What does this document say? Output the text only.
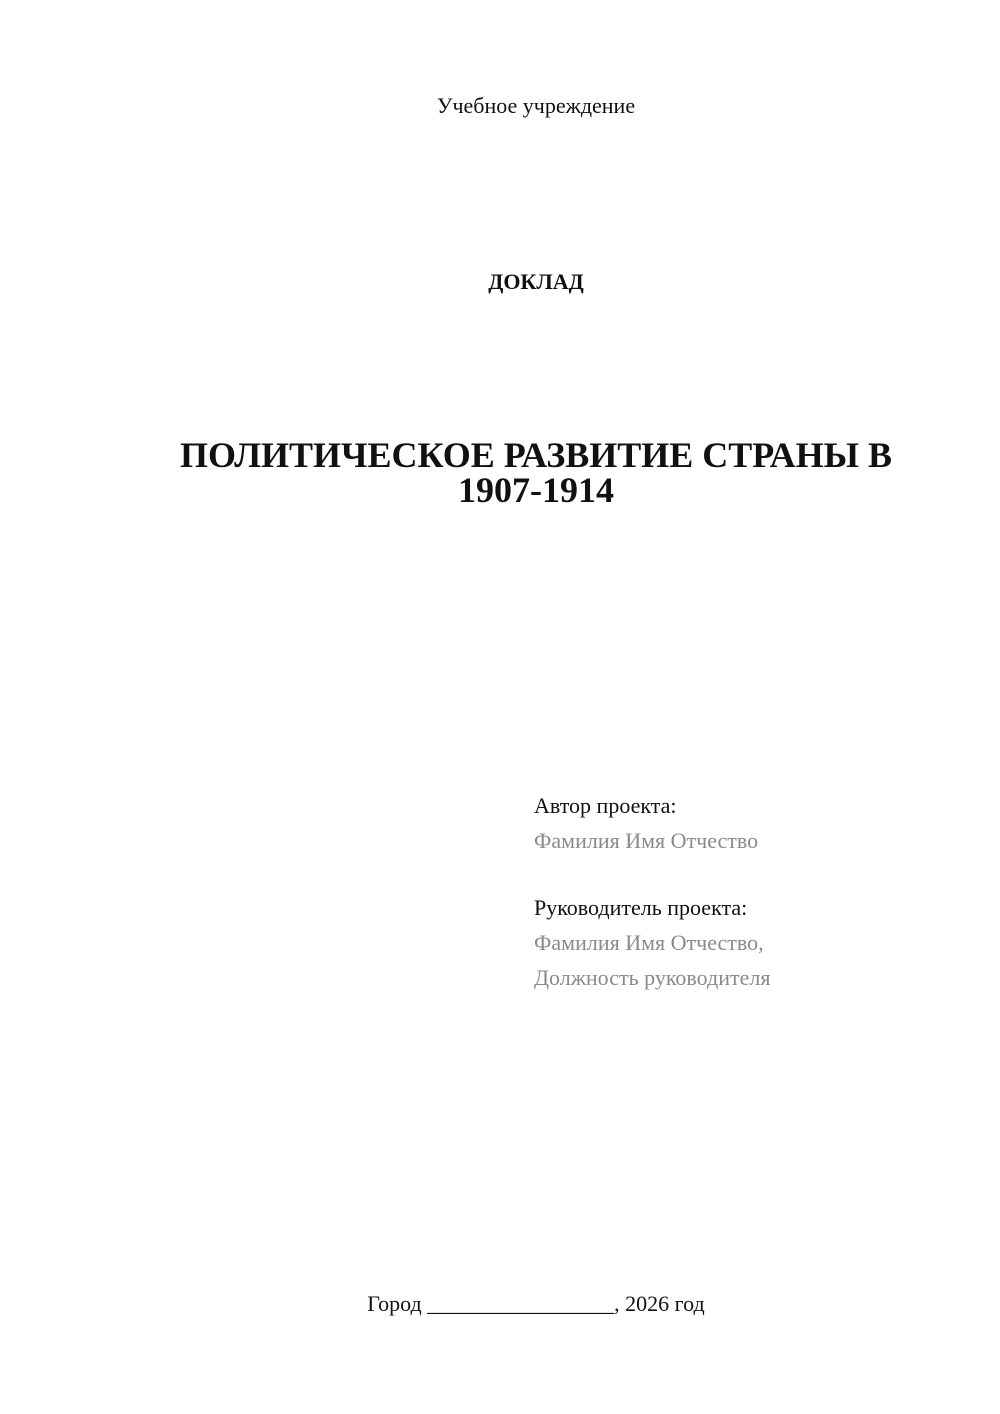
Учебное учреждение
ДОКЛАД
ПОЛИТИЧЕСКОЕ РАЗВИТИЕ СТРАНЫ В
1907-1914
Автор проекта:
Фамилия Имя Отчество
Руководитель проекта:
Фамилия Имя Отчество,
Должность руководителя
Город _________________, 2026 год
